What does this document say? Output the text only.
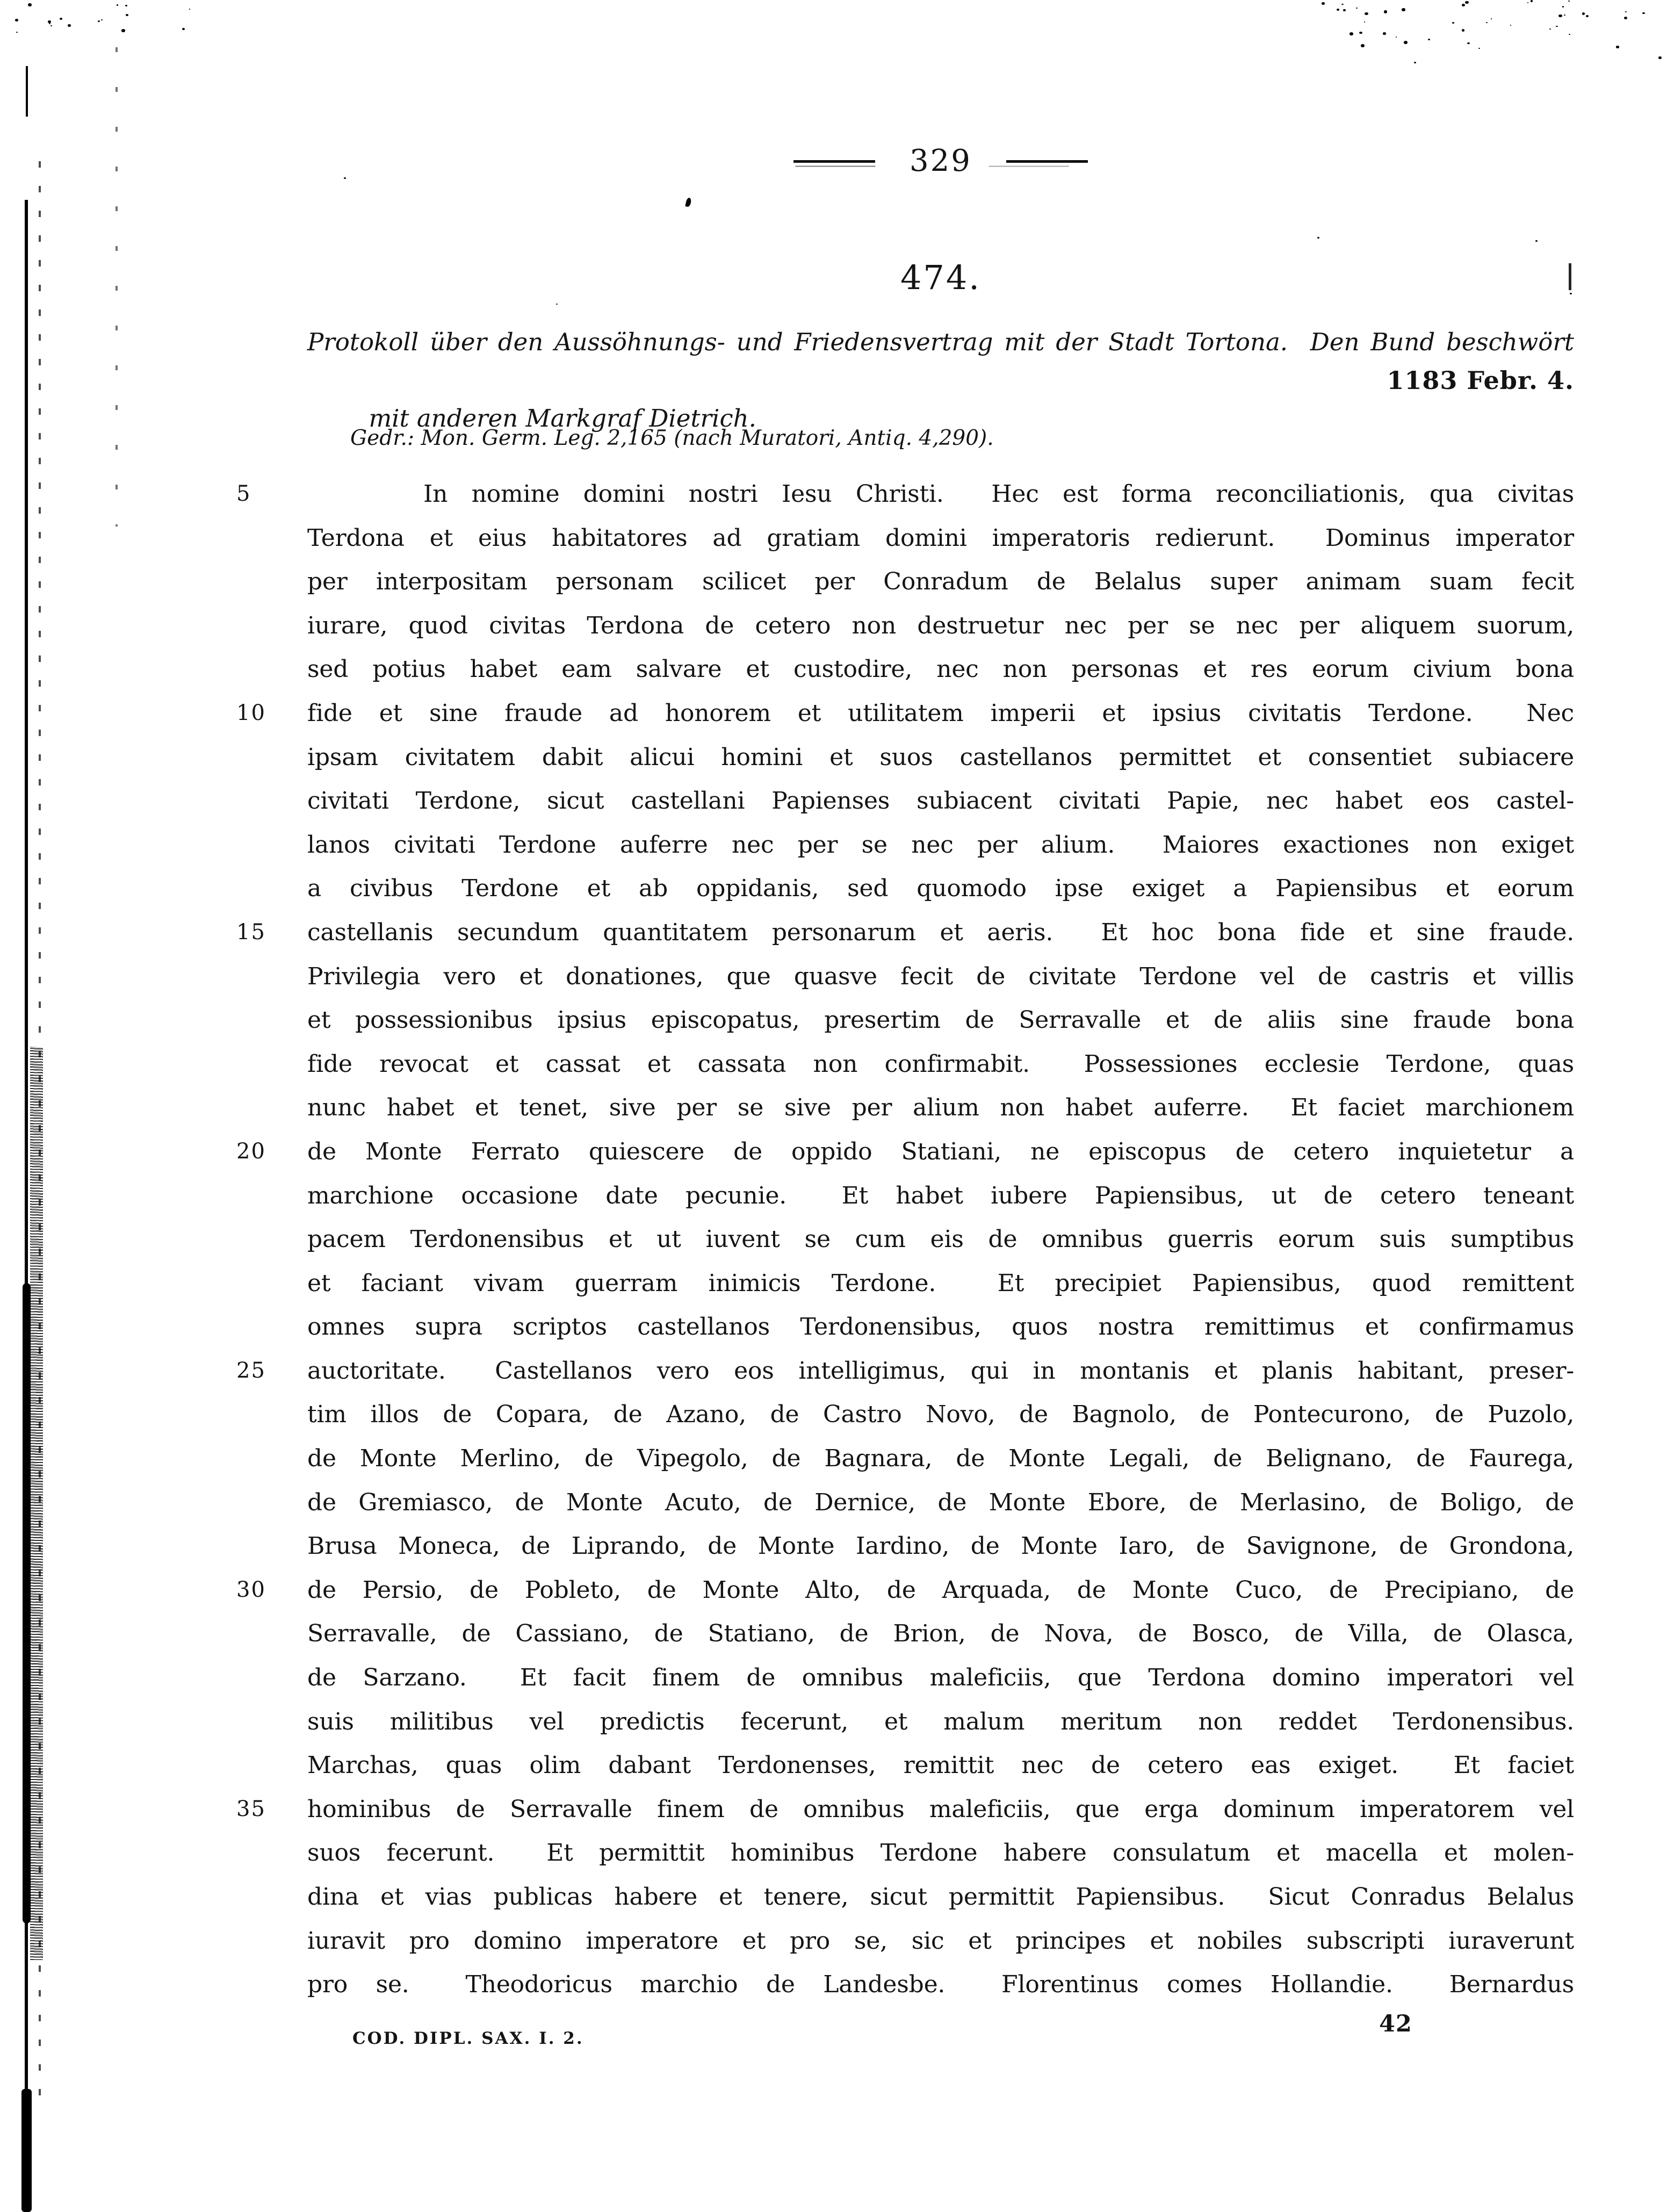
329
474.
Protokoll über den Aussöhnungs- und Friedensvertrag mit der Stadt Tortona.  Den Bund beschwört

mit anderen Markgraf Dietrich.

1183 Febr. 4.

Gedr.: Mon. Germ. Leg. 2,165 (nach Muratori, Antiq. 4,290).
5	In nomine domini nostri Iesu Christi.  Hec est forma reconciliationis, qua civitas
Terdona et eius habitatores ad gratiam domini imperatoris redierunt.  Dominus imperator
per interpositam personam scilicet per Conradum de Belalus super animam suam fecit
iurare, quod civitas Terdona de cetero non destruetur nec per se nec per aliquem suorum,
sed potius habet eam salvare et custodire, nec non personas et res eorum civium bona
10	fide et sine fraude ad honorem et utilitatem imperii et ipsius civitatis Terdone.  Nec
ipsam civitatem dabit alicui homini et suos castellanos permittet et consentiet subiacere
civitati Terdone, sicut castellani Papienses subiacent civitati Papie, nec habet eos castel-
lanos civitati Terdone auferre nec per se nec per alium.  Maiores exactiones non exiget
a civibus Terdone et ab oppidanis, sed quomodo ipse exiget a Papiensibus et eorum
15	castellanis secundum quantitatem personarum et aeris.  Et hoc bona fide et sine fraude.
Privilegia vero et donationes, que quasve fecit de civitate Terdone vel de castris et villis
et possessionibus ipsius episcopatus, presertim de Serravalle et de aliis sine fraude bona
fide revocat et cassat et cassata non confirmabit.  Possessiones ecclesie Terdone, quas
nunc habet et tenet, sive per se sive per alium non habet auferre.  Et faciet marchionem
20	de Monte Ferrato quiescere de oppido Statiani, ne episcopus de cetero inquietetur a
marchione occasione date pecunie.  Et habet iubere Papiensibus, ut de cetero teneant
pacem Terdonensibus et ut iuvent se cum eis de omnibus guerris eorum suis sumptibus
et faciant vivam guerram inimicis Terdone.  Et precipiet Papiensibus, quod remittent
omnes supra scriptos castellanos Terdonensibus, quos nostra remittimus et confirmamus
25	auctoritate.  Castellanos vero eos intelligimus, qui in montanis et planis habitant, preser-
tim illos de Copara, de Azano, de Castro Novo, de Bagnolo, de Pontecurono, de Puzolo,
de Monte Merlino, de Vipegolo, de Bagnara, de Monte Legali, de Belignano, de Faurega,
de Gremiasco, de Monte Acuto, de Dernice, de Monte Ebore, de Merlasino, de Boligo, de
Brusa Moneca, de Liprando, de Monte Iardino, de Monte Iaro, de Savignone, de Grondona,
30	de Persio, de Pobleto, de Monte Alto, de Arquada, de Monte Cuco, de Precipiano, de
Serravalle, de Cassiano, de Statiano, de Brion, de Nova, de Bosco, de Villa, de Olasca,
de Sarzano.  Et facit finem de omnibus maleficiis, que Terdona domino imperatori vel
suis militibus vel predictis fecerunt, et malum meritum non reddet Terdonensibus.
Marchas, quas olim dabant Terdonenses, remittit nec de cetero eas exiget.  Et faciet
35	hominibus de Serravalle finem de omnibus maleficiis, que erga dominum imperatorem vel
suos fecerunt.  Et permittit hominibus Terdone habere consulatum et macella et molen-
dina et vias publicas habere et tenere, sicut permittit Papiensibus.  Sicut Conradus Belalus
iuravit pro domino imperatore et pro se, sic et principes et nobiles subscripti iuraverunt
pro se.  Theodoricus marchio de Landesbe.  Florentinus comes Hollandie.  Bernardus
COD. DIPL. SAX. I. 2.
42
